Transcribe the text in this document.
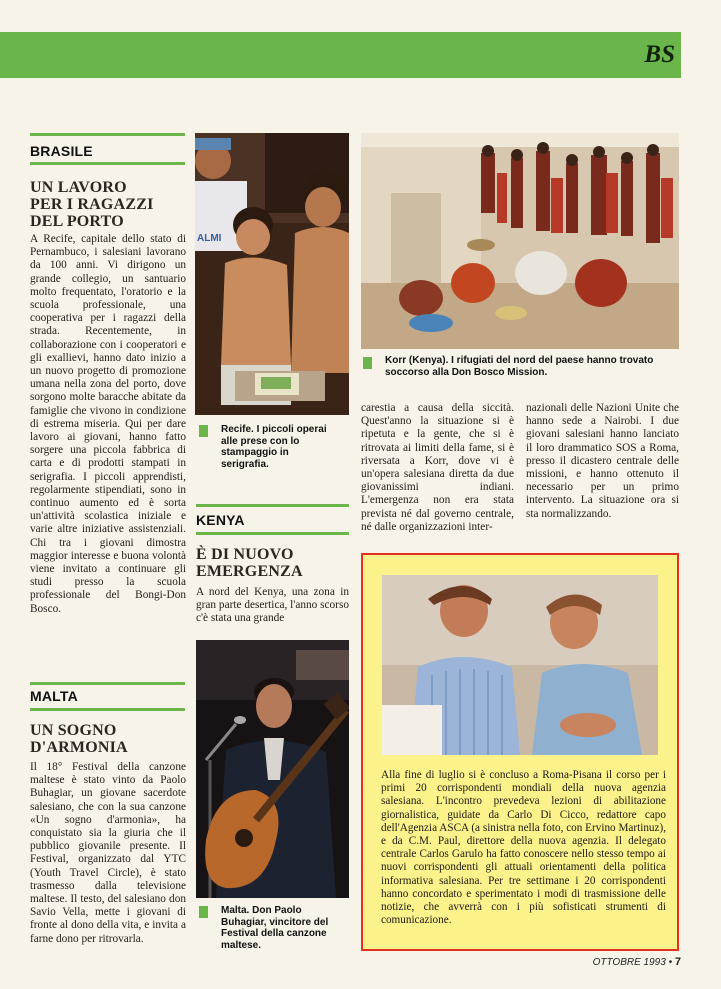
BS
BRASILE
UN LAVORO
PER I RAGAZZI
DEL PORTO
A Recife, capitale dello stato di Pernambuco, i salesiani lavorano da 100 anni. Vi dirigono un grande collegio, un santuario molto frequentato, l'oratorio e la scuola professionale, una cooperativa per i ragazzi della strada. Recentemente, in collaborazione con i cooperatori e gli exallievi, hanno dato inizio a un nuovo progetto di promozione umana nella zona del porto, dove sorgono molte baracche abitate da famiglie che vivono in condizione di estrema miseria. Qui per dare lavoro ai giovani, hanno fatto sorgere una piccola fabbrica di carta e di prodotti stampati in serigrafia. I piccoli apprendisti, regolarmente stipendiati, sono in continuo aumento ed è sorta un'attività scolastica iniziale e varie altre iniziative assistenziali. Chi tra i giovani dimostra maggior interesse e buona volontà viene invitato a continuare gli studi presso la scuola professionale del Bongi-Don Bosco.
ALMI
Recife. I piccoli operai alle prese con lo stampaggio in serigrafia.
KENYA
È DI NUOVO
EMERGENZA
A nord del Kenya, una zona in gran parte desertica, l'anno scorso c'è stata una grande
Korr (Kenya). I rifugiati del nord del paese hanno trovato soccorso alla Don Bosco Mission.
carestia a causa della siccità. Quest'anno la situazione si è ripetuta e la gente, che si è ritrovata ai limiti della fame, si è riversata a Korr, dove vi è un'opera salesiana diretta da due giovanissimi indiani. L'emergenza non era stata prevista né dal governo centrale, né dalle organizzazioni inter-
nazionali delle Nazioni Unite che hanno sede a Nairobi. I due giovani salesiani hanno lanciato il loro drammatico SOS a Roma, presso il dicastero centrale delle missioni, e hanno ottenuto il necessario per un primo intervento. La situazione ora si sta normalizzando.
MALTA
UN SOGNO
D'ARMONIA
Il 18° Festival della canzone maltese è stato vinto da Paolo Buhagiar, un giovane sacerdote salesiano, che con la sua canzone «Un sogno d'armonia», ha conquistato sia la giuria che il pubblico giovanile presente. Il Festival, organizzato dal YTC (Youth Travel Circle), è stato trasmesso dalla televisione maltese. Il testo, del salesiano don Savio Vella, mette i giovani di fronte al dono della vita, e invita a farne dono per ritrovarla.
Malta. Don Paolo Buhagiar, vincitore del Festival della canzone maltese.
Alla fine di luglio si è concluso a Roma-Pisana il corso per i primi 20 corrispondenti mondiali della nuova agenzia salesiana. L'incontro prevedeva lezioni di abilitazione giornalistica, guidate da Carlo Di Cicco, redattore capo dell'Agenzia ASCA (a sinistra nella foto, con Ervino Martinuz), e da C.M. Paul, direttore della nuova agenzia. Il delegato centrale Carlos Garulo ha fatto conoscere nello stesso tempo ai nuovi corrispondenti gli attuali orientamenti della politica informativa salesiana. Per tre settimane i 20 corrispondenti hanno concordato e sperimentato i modi di trasmissione delle notizie, che avverrà con i più sofisticati strumenti di comunicazione.
OTTOBRE 1993 • 7
